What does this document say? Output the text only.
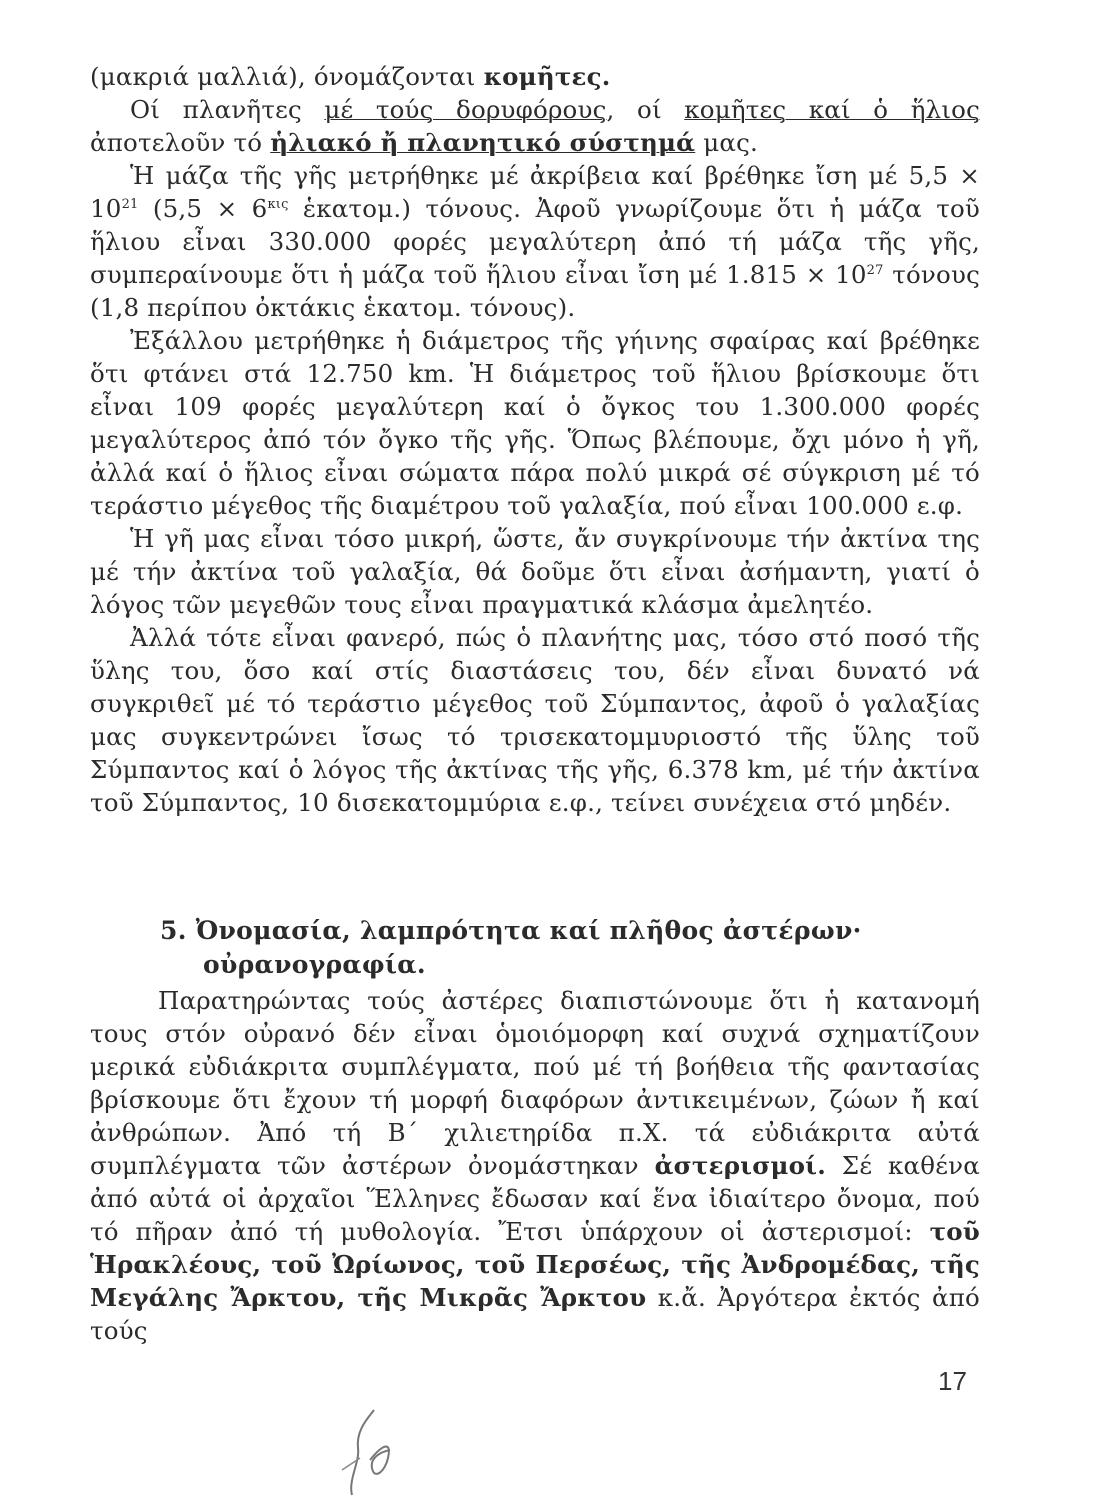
(μακριά μαλλιά), όνομάζονται κομῆτες.

Οί πλανῆτες μέ τούς δορυφόρους, οί κομῆτες καί ὁ ἥλιος ἀποτελοῦν τό ἡλιακό ἤ πλανητικό σύστημά μας.

Ἡ μάζα τῆς γῆς μετρήθηκε μέ ἀκρίβεια καί βρέθηκε ἴση μέ $5,5 \times 10^{21}$ ($5,5 \times 6^{\kappa\iota\varsigma}$ ἑκατομ.) τόνους. Ἀφοῦ γνωρίζουμε ὅτι ἡ μάζα τοῦ ἥλιου εἶναι 330.000 φορές μεγαλύτερη ἀπό τή μάζα τῆς γῆς, συμπεραίνουμε ὅτι ἡ μάζα τοῦ ἥλιου εἶναι ἴση μέ $1.815 \times 10^{27}$ τόνους (1,8 περίπου ὀκτάκις ἑκατομ. τόνους).

Ἐξάλλου μετρήθηκε ἡ διάμετρος τῆς γήινης σφαίρας καί βρέθηκε ὅτι φτάνει στά 12.750 km. Ἡ διάμετρος τοῦ ἥλιου βρίσκουμε ὅτι εἶναι 109 φορές μεγαλύτερη καί ὁ ὄγκος του 1.300.000 φορές μεγαλύτερος ἀπό τόν ὄγκο τῆς γῆς. Ὅπως βλέπουμε, ὄχι μόνο ἡ γῆ, ἀλλά καί ὁ ἥλιος εἶναι σώματα πάρα πολύ μικρά σέ σύγκριση μέ τό τεράστιο μέγεθος τῆς διαμέτρου τοῦ γαλαξία, πού εἶναι 100.000 ε.φ.

Ἡ γῆ μας εἶναι τόσο μικρή, ὥστε, ἄν συγκρίνουμε τήν ἀκτίνα της μέ τήν ἀκτίνα τοῦ γαλαξία, θά δοῦμε ὅτι εἶναι ἀσήμαντη, γιατί ὁ λόγος τῶν μεγεθῶν τους εἶναι πραγματικά κλάσμα ἀμελητέο.

Ἀλλά τότε εἶναι φανερό, πώς ὁ πλανήτης μας, τόσο στό ποσό τῆς ὕλης του, ὅσο καί στίς διαστάσεις του, δέν εἶναι δυνατό νά συγκριθεῖ μέ τό τεράστιο μέγεθος τοῦ Σύμπαντος, ἀφοῦ ὁ γαλαξίας μας συγκεντρώνει ἴσως τό τρισεκατομμυριοστό τῆς ὕλης τοῦ Σύμπαντος καί ὁ λόγος τῆς ἀκτίνας τῆς γῆς, 6.378 km, μέ τήν ἀκτίνα τοῦ Σύμπαντος, 10 δισεκατομμύρια ε.φ., τείνει συνέχεια στό μηδέν.

5. Ὀνομασία, λαμπρότητα καί πλῆθος ἀστέρων·
οὐρανογραφία.

Παρατηρώντας τούς ἀστέρες διαπιστώνουμε ὅτι ἡ κατανομή τους στόν οὐρανό δέν εἶναι ὁμοιόμορφη καί συχνά σχηματίζουν μερικά εὐδιάκριτα συμπλέγματα, πού μέ τή βοήθεια τῆς φαντασίας βρίσκουμε ὅτι ἔχουν τή μορφή διαφόρων ἀντικειμένων, ζώων ἤ καί ἀνθρώπων. Ἀπό τή Β΄ χιλιετηρίδα π.Χ. τά εὐδιάκριτα αὐτά συμπλέγματα τῶν ἀστέρων ὀνομάστηκαν ἀστερισμοί. Σέ καθένα ἀπό αὐτά οἱ ἀρχαῖοι Ἕλληνες ἔδωσαν καί ἕνα ἰδιαίτερο ὄνομα, πού τό πῆραν ἀπό τή μυθολογία. Ἔτσι ὑπάρχουν οἱ ἀστερισμοί: τοῦ Ἡρακλέους, τοῦ Ὠρίωνος, τοῦ Περσέως, τῆς Ἀνδρομέδας, τῆς Μεγάλης Ἄρκτου, τῆς Μικρᾶς Ἄρκτου κ.ἄ. Ἀργότερα ἐκτός ἀπό τούς

17
